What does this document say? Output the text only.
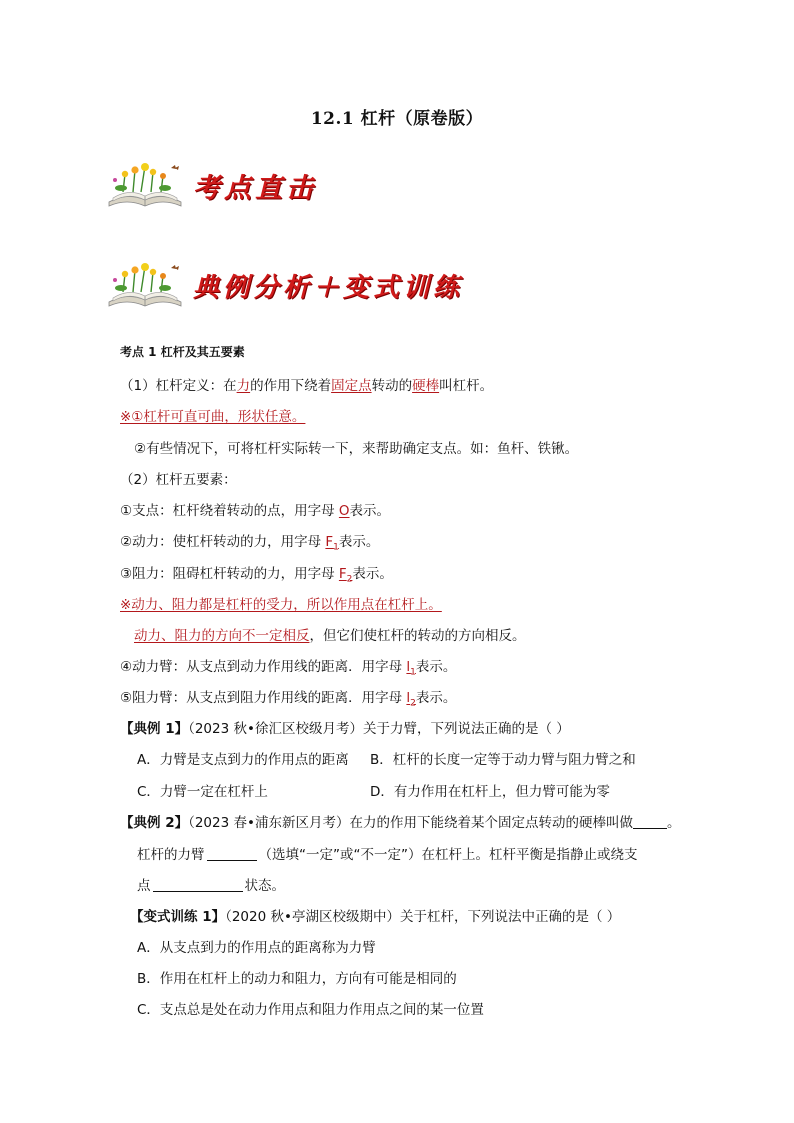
12.1 杠杆（原卷版）
考点直击
典例分析＋变式训练
考点 1 杠杆及其五要素
（1）杠杆定义：在力的作用下绕着固定点转动的硬棒叫杠杆。
※①杠杆可直可曲，形状任意。
②有些情况下，可将杠杆实际转一下，来帮助确定支点。如：鱼杆、铁锹。
（2）杠杆五要素：
①支点：杠杆绕着转动的点，用字母 O表示。
②动力：使杠杆转动的力，用字母 $F_1$表示。
③阻力：阻碍杠杆转动的力，用字母 $F_2$表示。
※动力、阻力都是杠杆的受力，所以作用点在杠杆上。
动力、阻力的方向不一定相反，但它们使杠杆的转动的方向相反。
④动力臂：从支点到动力作用线的距离．用字母 $l_1$表示。
⑤阻力臂：从支点到阻力作用线的距离．用字母 $l_2$表示。
【典例 1】（2023 秋•徐汇区校级月考）关于力臂，下列说法正确的是（ ）
A．力臂是支点到力的作用点的距离 B．杠杆的长度一定等于动力臂与阻力臂之和
C．力臂一定在杠杆上	D．有力作用在杠杆上，但力臂可能为零
【典例 2】（2023 春•浦东新区月考）在力的作用下能绕着某个固定点转动的硬棒叫做	。
杠杆的力臂	（选填“一定”或“不一定”）在杠杆上。杠杆平衡是指静止或绕支
点	状态。
【变式训练 1】（2020 秋•亭湖区校级期中）关于杠杆，下列说法中正确的是（ ）
A．从支点到力的作用点的距离称为力臂
B．作用在杠杆上的动力和阻力，方向有可能是相同的
C．支点总是处在动力作用点和阻力作用点之间的某一位置
